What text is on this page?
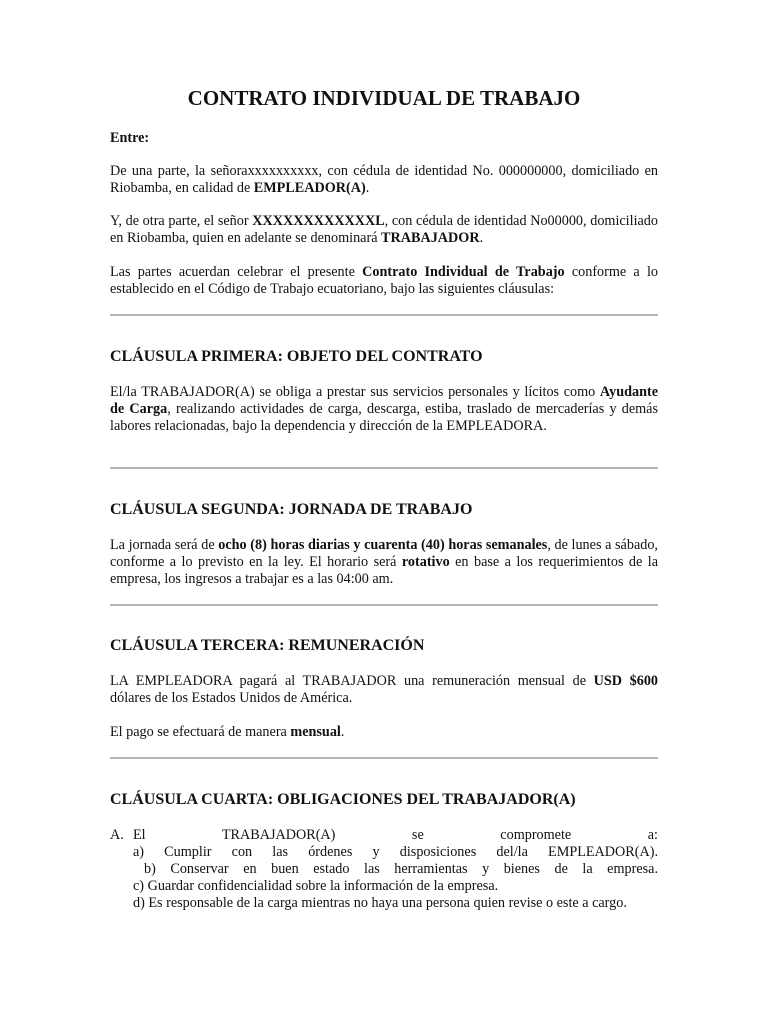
CONTRATO INDIVIDUAL DE TRABAJO
Entre:
De una parte, la señoraxxxxxxxxxx, con cédula de identidad No. 000000000, domiciliado en Riobamba, en calidad de EMPLEADOR(A).
Y, de otra parte, el señor XXXXXXXXXXXXL, con cédula de identidad No00000, domiciliado en Riobamba, quien en adelante se denominará TRABAJADOR.
Las partes acuerdan celebrar el presente Contrato Individual de Trabajo conforme a lo establecido en el Código de Trabajo ecuatoriano, bajo las siguientes cláusulas:
CLÁUSULA PRIMERA: OBJETO DEL CONTRATO
El/la TRABAJADOR(A) se obliga a prestar sus servicios personales y lícitos como Ayudante de Carga, realizando actividades de carga, descarga, estiba, traslado de mercaderías y demás labores relacionadas, bajo la dependencia y dirección de la EMPLEADORA.
CLÁUSULA SEGUNDA: JORNADA DE TRABAJO
La jornada será de ocho (8) horas diarias y cuarenta (40) horas semanales, de lunes a sábado, conforme a lo previsto en la ley. El horario será rotativo en base a los requerimientos de la empresa, los ingresos a trabajar es a las 04:00 am.
CLÁUSULA TERCERA: REMUNERACIÓN
LA EMPLEADORA pagará al TRABAJADOR una remuneración mensual de USD $600 dólares de los Estados Unidos de América.
El pago se efectuará de manera mensual.
CLÁUSULA CUARTA: OBLIGACIONES DEL TRABAJADOR(A)
A. El TRABAJADOR(A) se compromete a:
a) Cumplir con las órdenes y disposiciones del/la EMPLEADOR(A).
b) Conservar en buen estado las herramientas y bienes de la empresa.
c) Guardar confidencialidad sobre la información de la empresa.
d) Es responsable de la carga mientras no haya una persona quien revise o este a cargo.
